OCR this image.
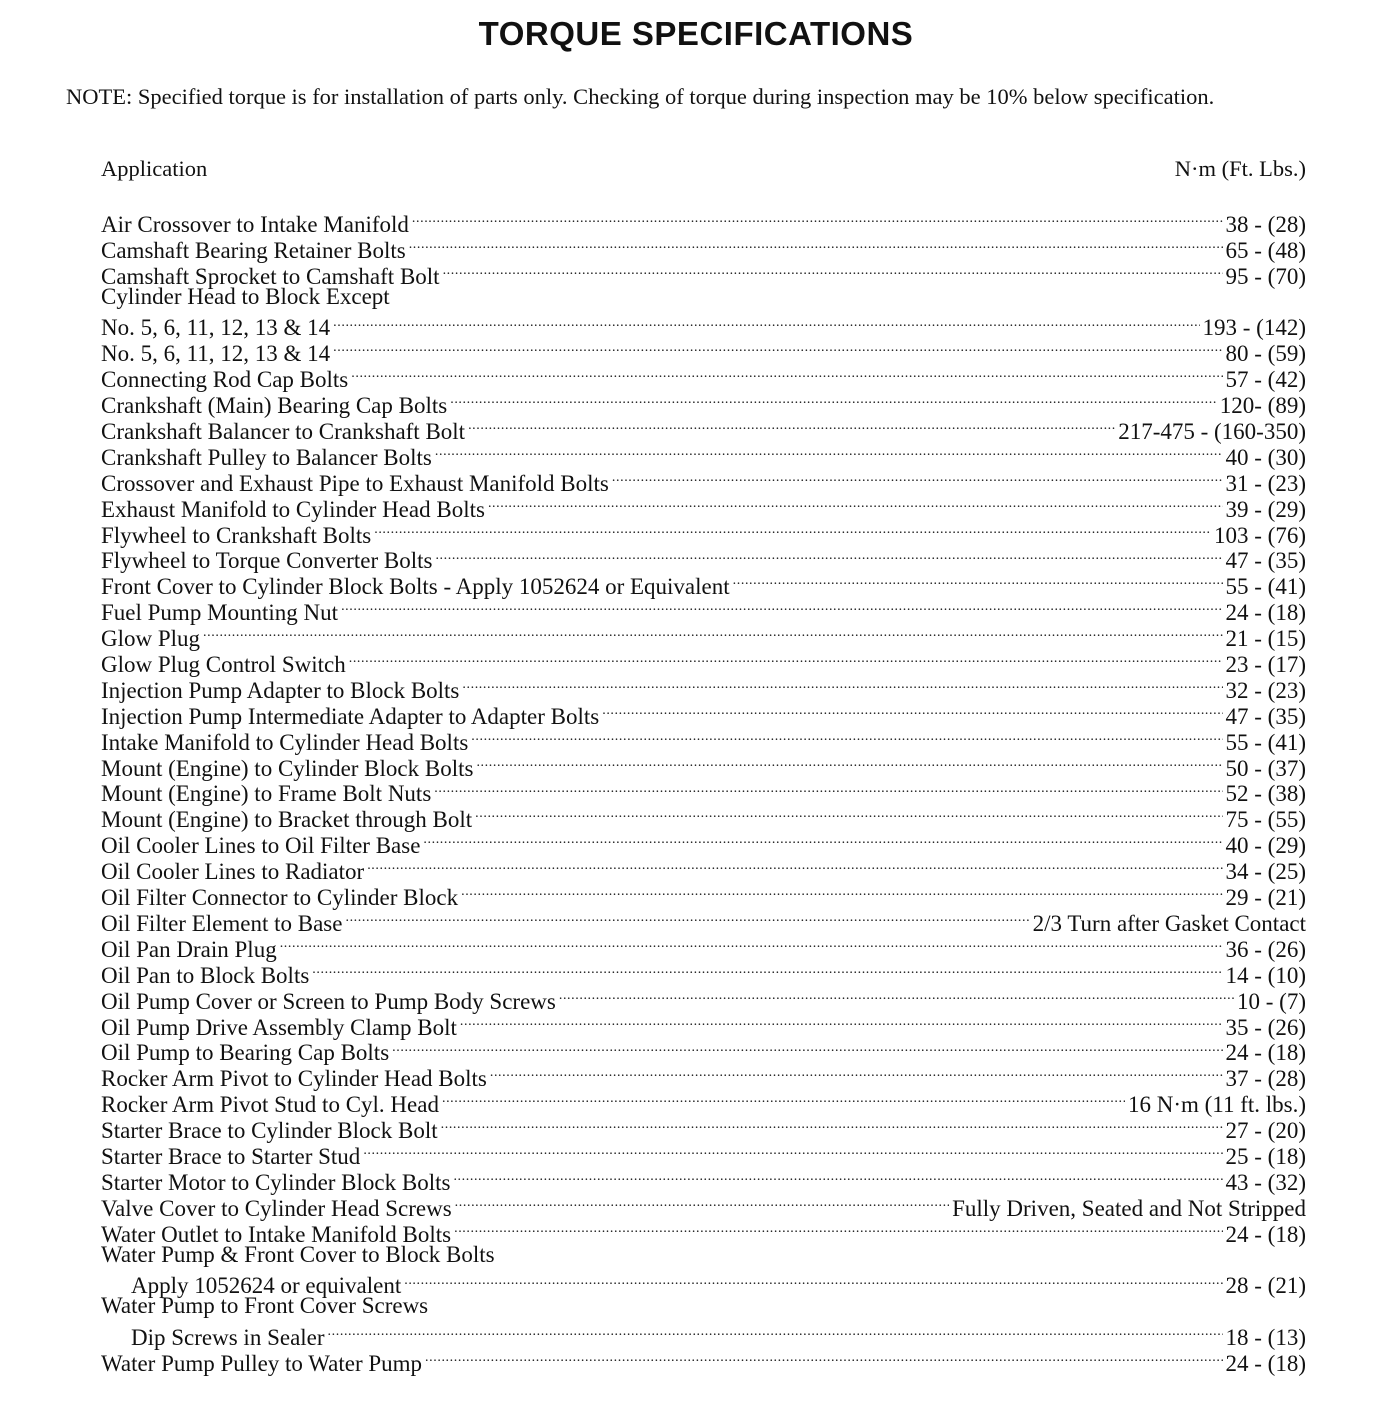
TORQUE SPECIFICATIONS
NOTE: Specified torque is for installation of parts only. Checking of torque during inspection may be 10% below specification.
Application	N·m (Ft. Lbs.)
Air Crossover to Intake Manifold .....	38 - (28)
Camshaft Bearing Retainer Bolts .....	65 - (48)
Camshaft Sprocket to Camshaft Bolt .....	95 - (70)
Cylinder Head to Block Except
No. 5, 6, 11, 12, 13 & 14 .....	193 - (142)
No. 5, 6, 11, 12, 13 & 14 .....	80 - (59)
Connecting Rod Cap Bolts .....	57 - (42)
Crankshaft (Main) Bearing Cap Bolts .....	120- (89)
Crankshaft Balancer to Crankshaft Bolt .....	217-475 - (160-350)
Crankshaft Pulley to Balancer Bolts .....	40 - (30)
Crossover and Exhaust Pipe to Exhaust Manifold Bolts .....	31 - (23)
Exhaust Manifold to Cylinder Head Bolts .....	39 - (29)
Flywheel to Crankshaft Bolts .....	103 - (76)
Flywheel to Torque Converter Bolts .....	47 - (35)
Front Cover to Cylinder Block Bolts - Apply 1052624 or Equivalent .....	55 - (41)
Fuel Pump Mounting Nut .....	24 - (18)
Glow Plug .....	21 - (15)
Glow Plug Control Switch .....	23 - (17)
Injection Pump Adapter to Block Bolts .....	32 - (23)
Injection Pump Intermediate Adapter to Adapter Bolts .....	47 - (35)
Intake Manifold to Cylinder Head Bolts .....	55 - (41)
Mount (Engine) to Cylinder Block Bolts .....	50 - (37)
Mount (Engine) to Frame Bolt Nuts .....	52 - (38)
Mount (Engine) to Bracket through Bolt .....	75 - (55)
Oil Cooler Lines to Oil Filter Base .....	40 - (29)
Oil Cooler Lines to Radiator .....	34 - (25)
Oil Filter Connector to Cylinder Block .....	29 - (21)
Oil Filter Element to Base .....	2/3 Turn after Gasket Contact
Oil Pan Drain Plug .....	36 - (26)
Oil Pan to Block Bolts .....	14 - (10)
Oil Pump Cover or Screen to Pump Body Screws .....	10 - (7)
Oil Pump Drive Assembly Clamp Bolt .....	35 - (26)
Oil Pump to Bearing Cap Bolts .....	24 - (18)
Rocker Arm Pivot to Cylinder Head Bolts .....	37 - (28)
Rocker Arm Pivot Stud to Cyl. Head .....	16 N·m (11 ft. lbs.)
Starter Brace to Cylinder Block Bolt .....	27 - (20)
Starter Brace to Starter Stud .....	25 - (18)
Starter Motor to Cylinder Block Bolts .....	43 - (32)
Valve Cover to Cylinder Head Screws .....	Fully Driven, Seated and Not Stripped
Water Outlet to Intake Manifold Bolts .....	24 - (18)
Water Pump & Front Cover to Block Bolts
Apply 1052624 or equivalent .....	28 - (21)
Water Pump to Front Cover Screws
Dip Screws in Sealer .....	18 - (13)
Water Pump Pulley to Water Pump .....	24 - (18)
